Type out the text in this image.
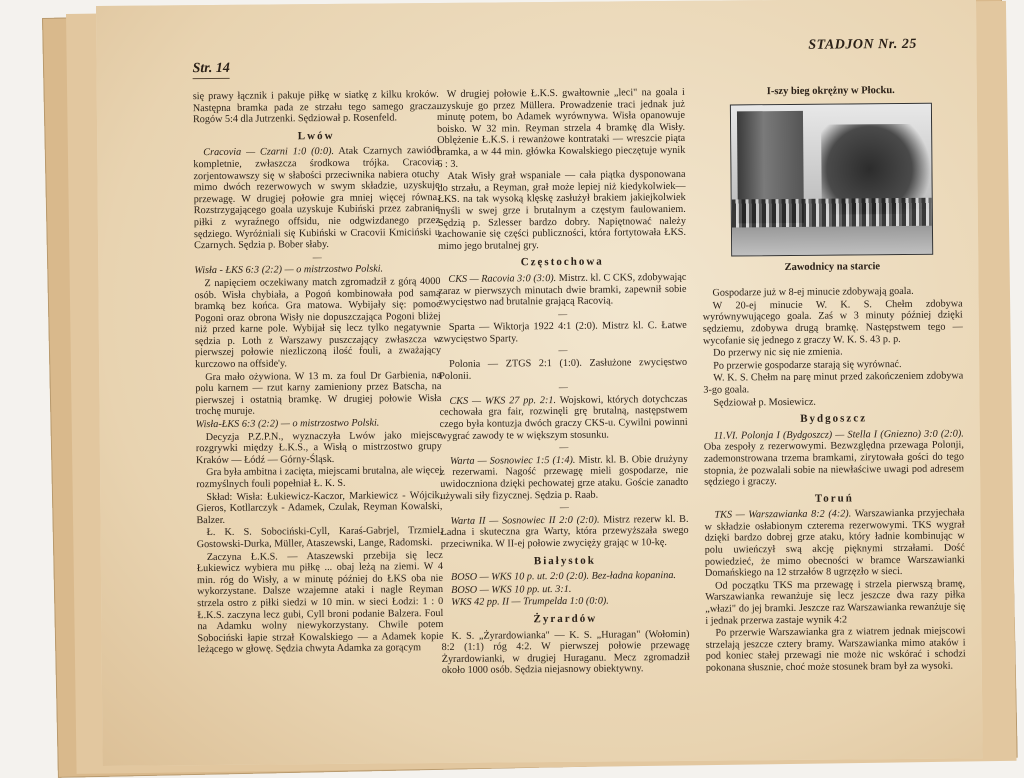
Str. 14
STADJON Nr. 25

się prawy łącznik i pakuje piłkę w siatkę z kilku kroków. Następna bramka pada ze strzału tego samego gracza. Rogów 5:4 dla Jutrzenki. Sędziował p. Rosenfeld.

Lwów

Cracovia — Czarni 1:0 (0:0). Atak Czarnych zawiódł kompletnie, zwłaszcza środkowa trójka. Cracovia zorjentowawszy się w słabości przeciwnika nabiera otuchy mimo dwóch rezerwowych w swym składzie, uzyskuje przewagę. W drugiej połowie gra mniej więcej równa. Rozstrzygającego goala uzyskuje Kubiński przez zabranie piłki z wyraźnego offsidu, nie odgwizdanego przez sędziego. Wyróżniali się Kubiński w Cracovii Kmiciński u Czarnych. Sędzia p. Bober słaby.

—

Wisła - ŁKS 6:3 (2:2) — o mistrzostwo Polski.

Z napięciem oczekiwany match zgromadził z górą 4000 osób. Wisła chybiała, a Pogoń kombinowała pod samą bramką bez końca. Gra matowa. Wybijały się: pomoc Pogoni oraz obrona Wisły nie dopuszczająca Pogoni bliżej niż przed karne pole. Wybijał się lecz tylko negatywnie sędzia p. Loth z Warszawy puszczający zwłaszcza w pierwszej połowie niezliczoną ilość fouli, a zważający kurczowo na offside'y.

Gra mało ożywiona. W 13 m. za foul Dr Garbienia, na polu karnem — rzut karny zamieniony przez Batscha, na pierwszej i ostatnią bramkę. W drugiej połowie Wisła trochę muruje.

Wisła-ŁKS 6:3 (2:2) — o mistrzostwo Polski.

Decyzja P.Z.P.N., wyznaczyła Lwów jako miejsce rozgrywki między Ł.K.S., a Wisłą o mistrzostwo grupy Kraków — Łódź — Górny-Śląsk.

Gra była ambitna i zacięta, miejscami brutalna, ale więcej rozmyślnych fouli popełniał Ł. K. S.

Skład: Wisła: Łukiewicz-Kaczor, Markiewicz - Wójcik, Gieros, Kotllarczyk - Adamek, Czulak, Reyman Kowalski, Balzer.

Ł. K. S. Sobociński-Cyll, Karaś-Gabrjel, Trzmiel, Gostowski-Durka, Müller, Ataszewski, Lange, Radomski.

Zaczyna Ł.K.S. — Ataszewski przebija się lecz Łukiewicz wybiera mu piłkę ... obaj leżą na ziemi. W 4 min. róg do Wisły, a w minutę później do ŁKS oba nie wykorzystane. Dalsze wzajemne ataki i nagle Reyman strzela ostro z piłki siedzi w 10 min. w sieci Łodzi: 1 : 0 Ł.K.S. zaczyna lecz gubi, Cyll broni podanie Balzera. Foul na Adamku wolny niewykorzystany. Chwile potem Sobociński łapie strzał Kowalskiego — a Adamek kopie leżącego w głowę. Sędzia chwyta Adamka za gorącym

W drugiej połowie Ł.K.S. gwałtownie „leci" na goala i uzyskuje go przez Müllera. Prowadzenie traci jednak już minutę potem, bo Adamek wyrównywa. Wisła opanowuje boisko. W 32 min. Reyman strzela 4 bramkę dla Wisły. Oblężenie Ł.K.S. i rewanżowe kontrataki — wreszcie piąta bramka, a w 44 min. główka Kowalskiego pieczętuje wynik 6 : 3.

Atak Wisły grał wspaniale — cała piątka dysponowana do strzału, a Reyman, grał może lepiej niż kiedykolwiek—ŁKS. na tak wysoką klęskę zasłużył brakiem jakiejkolwiek myśli w swej grze i brutalnym a częstym faulowaniem. Sędzią p. Szlesser bardzo dobry. Napiętnować należy zachowanie się części publiczności, która fortytowała ŁKS. mimo jego brutalnej gry.

Częstochowa

CKS — Racovia 3:0 (3:0). Mistrz. kl. C CKS, zdobywając zaraz w pierwszych minutach dwie bramki, zapewnił sobie zwycięstwo nad brutalnie grającą Racovią.

—

Sparta — Wiktorja 1922 4:1 (2:0). Mistrz kl. C. Łatwe zwycięstwo Sparty.

—

Polonia — ZTGS 2:1 (1:0). Zasłużone zwycięstwo Polonii.

—

CKS — WKS 27 pp. 2:1. Wojskowi, których dotychczas cechowała gra fair, rozwinęli grę brutalną, następstwem czego była kontuzja dwóch graczy CKS-u. Cywilni powinni wygrać zawody te w większym stosunku.

—

Warta — Sosnowiec 1:5 (1:4). Mistr. kl. B. Obie drużyny z rezerwami. Nagość przewagę mieli gospodarze, nie uwidoczniona dzięki pechowatej grze ataku. Goście zanadto używali siły fizycznej. Sędzia p. Raab.

—

Warta II — Sosnowiec II 2:0 (2:0). Mistrz rezerw kl. B. Ładna i skuteczna gra Warty, która przewyższała swego przeciwnika. W II-ej połowie zwycięży grając w 10-kę.

Białystok

BOSO — WKS 10 p. ut. 2:0 (2:0). Bez-ładna kopanina.

BOSO — WKS 10 pp. ut. 3:1.

WKS 42 pp. II — Trumpelda 1:0 (0:0).

Żyrardów

K. S. „Żyrardowianka" — K. S. „Huragan" (Wołomin) 8:2 (1:1) róg 4:2. W pierwszej połowie przewagę Żyrardowianki, w drugiej Huraganu. Mecz zgromadził około 1000 osób. Sędzia niejasnowy obiektywny.

I-szy bieg okrężny w Płocku.
Zawodnicy na starcie

Gospodarze już w 8-ej minucie zdobywają goala.

W 20-ej minucie W. K. S. Chełm zdobywa wyrównywującego goala. Zaś w 3 minuty później dzięki sędziemu, zdobywa drugą bramkę. Następstwem tego — wycofanie się jednego z graczy W. K. S. 43 p. p.

Do przerwy nic się nie zmienia.

Po przerwie gospodarze starają się wyrównać.

W. K. S. Chełm na parę minut przed zakończeniem zdobywa 3-go goala.

Sędziował p. Mosiewicz.

Bydgoszcz

11.VI. Polonja I (Bydgoszcz) — Stella I (Gniezno) 3:0 (2:0). Oba zespoły z rezerwowymi. Bezwzględna przewaga Polonji, zademonstrowana trzema bramkami, zirytowała gości do tego stopnia, że pozwalali sobie na niewłaściwe uwagi pod adresem sędziego i graczy.

Toruń

TKS — Warszawianka 8:2 (4:2). Warszawianka przyjechała w składzie osłabionym czterema rezerwowymi. TKS wygrał dzięki bardzo dobrej grze ataku, który ładnie kombinując w polu uwieńczył swą akcję pięknymi strzałami. Dość powiedzieć, że mimo obecności w bramce Warszawianki Domańskiego na 12 strzałów 8 ugrzęzło w sieci.

Od początku TKS ma przewagę i strzela pierwszą bramę, Warszawianka rewanżuje się lecz jeszcze dwa razy piłka „włazi" do jej bramki. Jeszcze raz Warszawianka rewanżuje się i jednak przerwa zastaje wynik 4:2

Po przerwie Warszawianka gra z wiatrem jednak miejscowi strzelają jeszcze cztery bramy. Warszawianka mimo ataków i pod koniec stałej przewagi nie może nic wskórać i schodzi pokonana słusznie, choć może stosunek bram był za wysoki.
